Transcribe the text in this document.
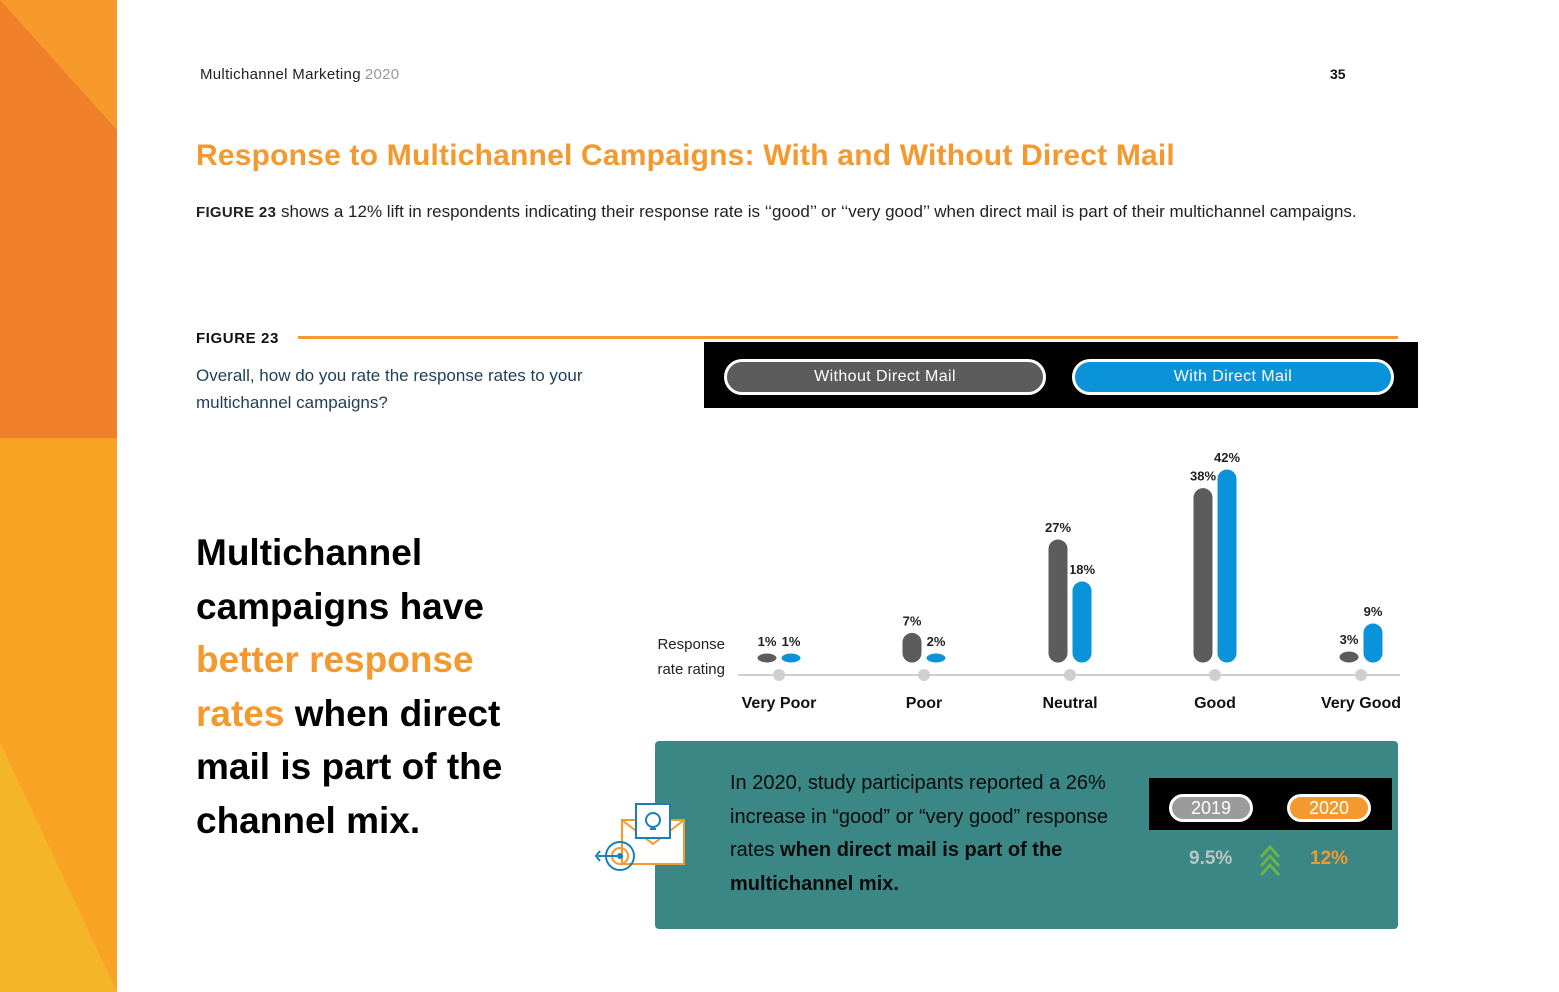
Multichannel Marketing 2020	35
Response to Multichannel Campaigns: With and Without Direct Mail
FIGURE 23 shows a 12% lift in respondents indicating their response rate is ‘‘good’’ or ‘‘very good’’ when direct mail is part of their multichannel campaigns.
FIGURE 23
Overall, how do you rate the response rates to your multichannel campaigns?
Without Direct Mail	With Direct Mail
Response
rate rating
1%
1%
Very Poor
2%
7%
Poor
18%
27%
Neutral
42%
38%
Good
9%
3%
Very Good
Multichannel campaigns have better response rates when direct mail is part of the channel mix.
In 2020, study participants reported a 26% increase in “good” or “very good” response rates when direct mail is part of the multichannel mix.
2019	2020
9.5%	12%
